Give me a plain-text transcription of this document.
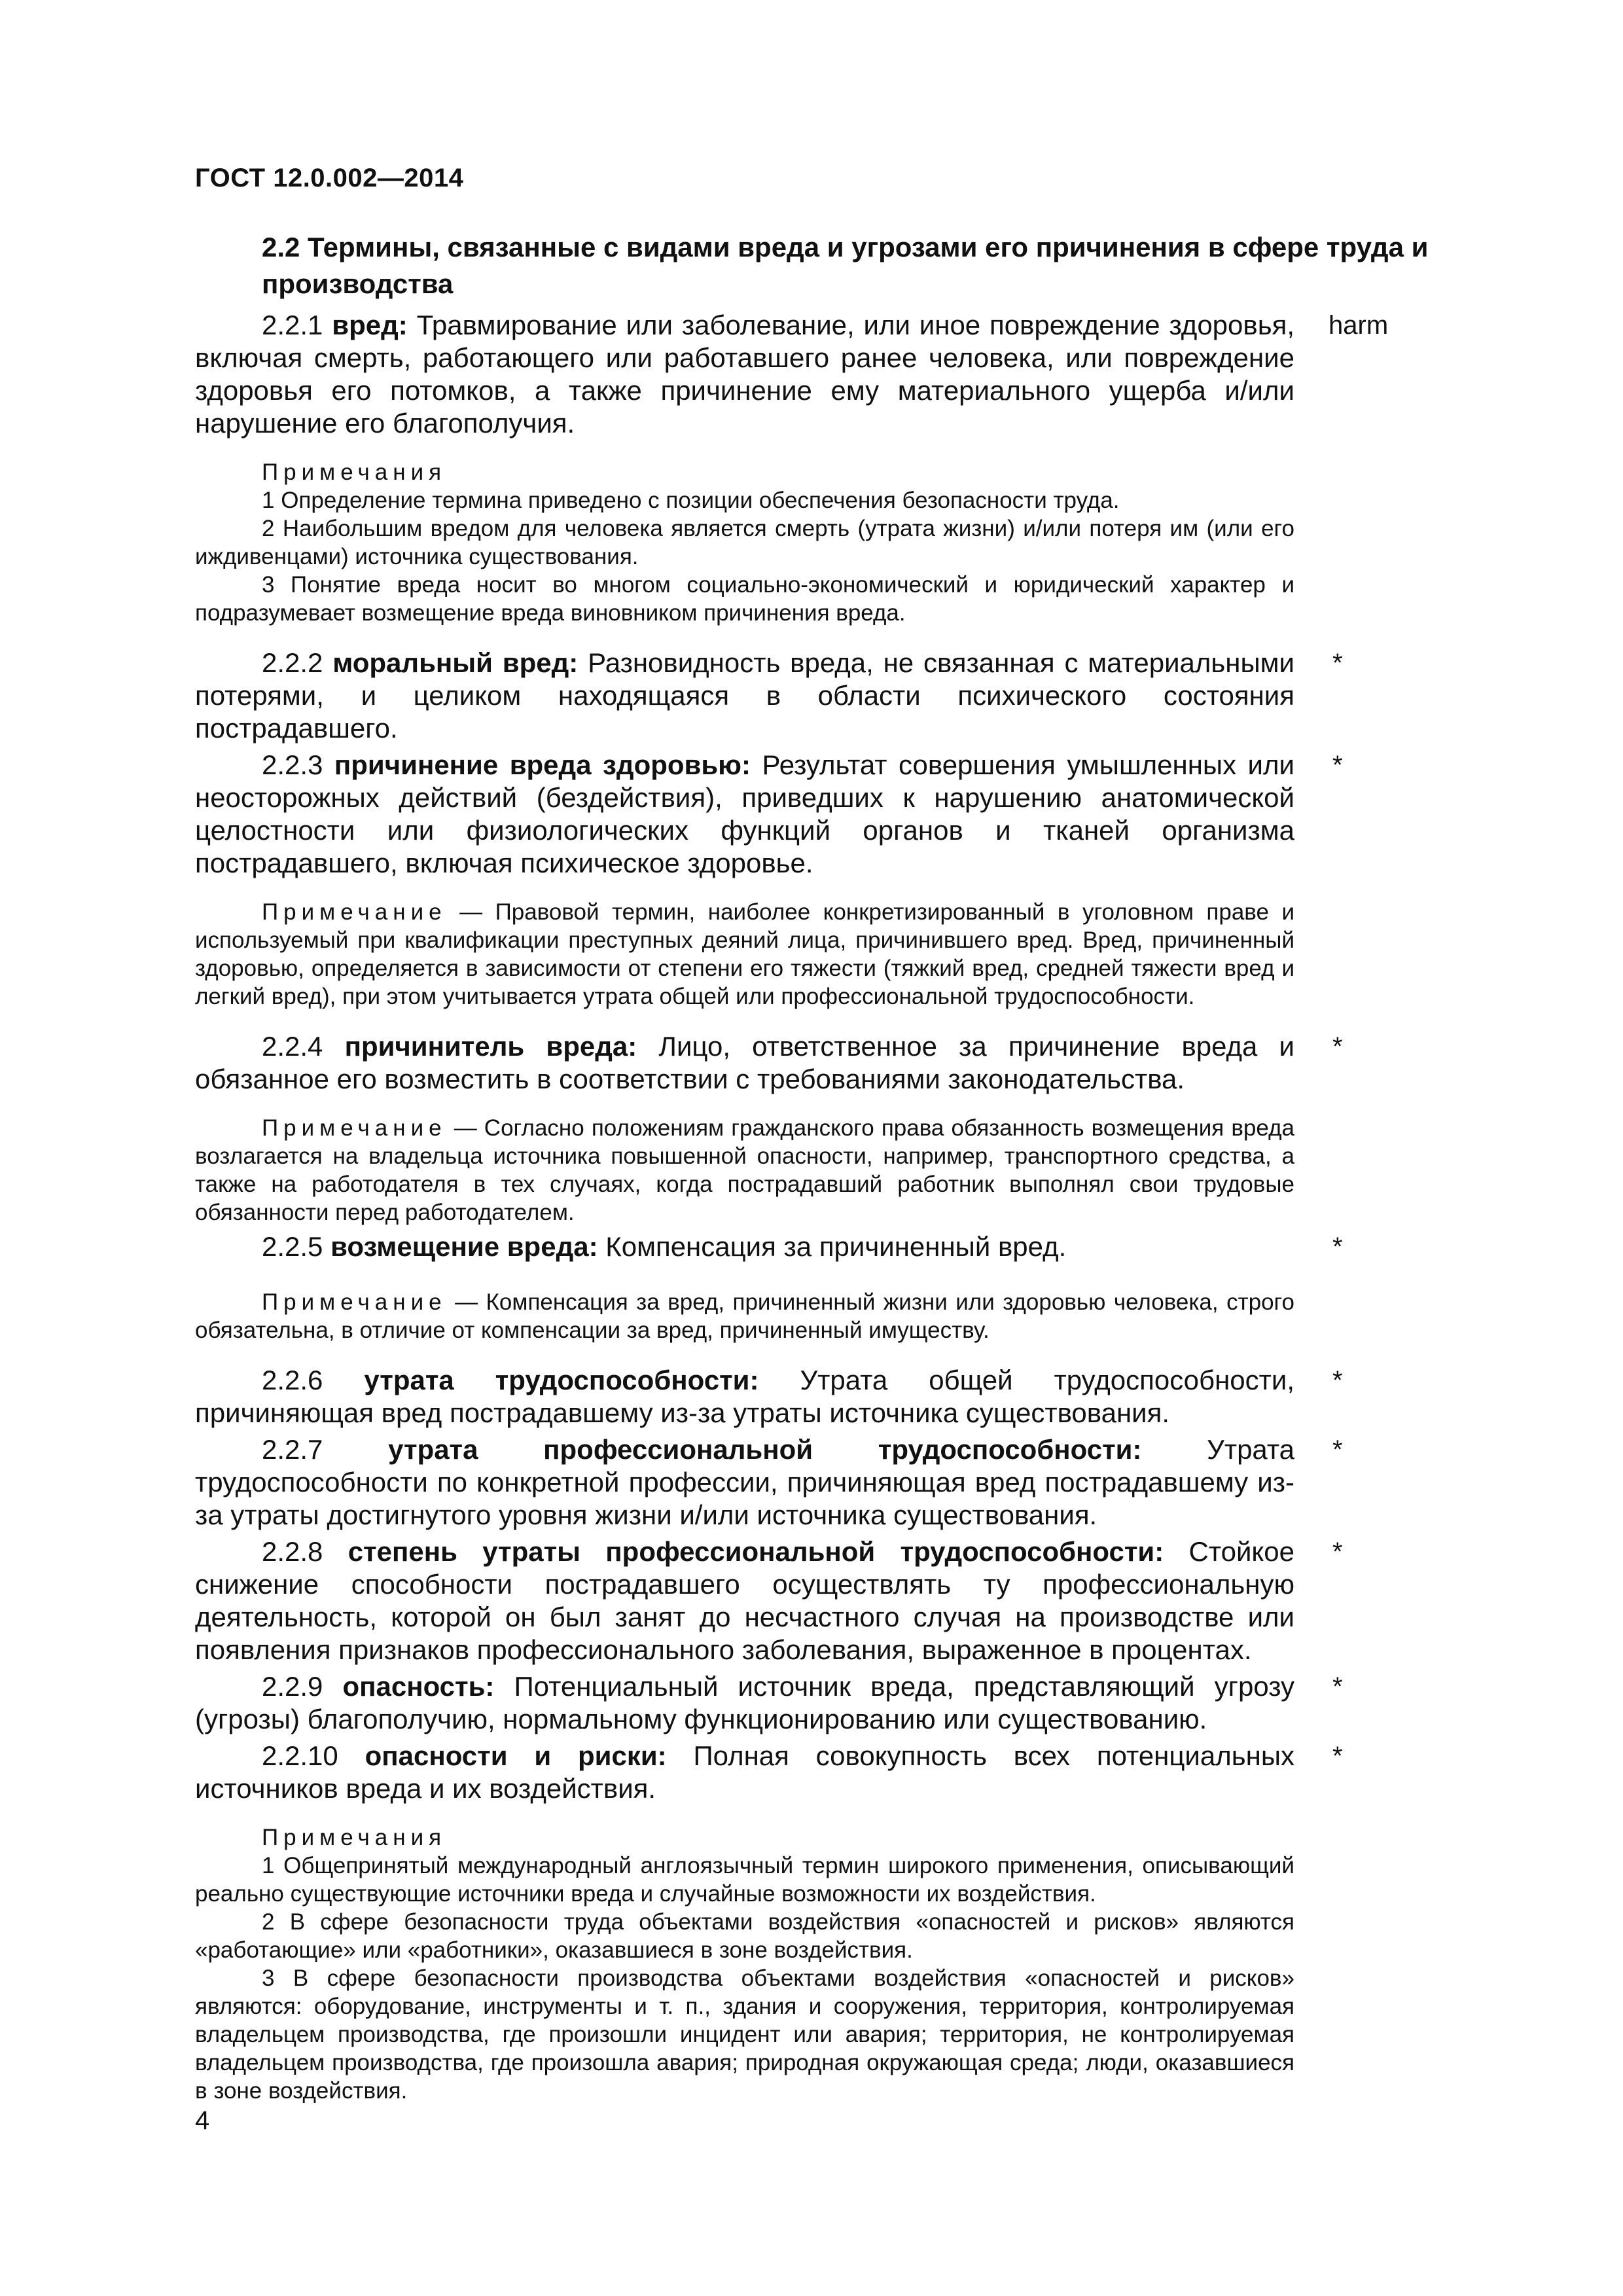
ГОСТ 12.0.002—2014
2.2 Термины, связанные с видами вреда и угрозами его причинения в сфере труда и производства
2.2.1 вред: Травмирование или заболевание, или иное повреждение здоровья, включая смерть, работающего или работавшего ранее человека, или повреждение здоровья его потомков, а также причинение ему материального ущерба и/или нарушение его благополучия.
harm
Примечания
1 Определение термина приведено с позиции обеспечения безопасности труда.
2 Наибольшим вредом для человека является смерть (утрата жизни) и/или потеря им (или его иждивенцами) источника существования.
3 Понятие вреда носит во многом социально-экономический и юридический характер и подразумевает возмещение вреда виновником причинения вреда.
2.2.2 моральный вред: Разновидность вреда, не связанная с материальными потерями, и целиком находящаяся в области психического состояния пострадавшего.
*
2.2.3 причинение вреда здоровью: Результат совершения умышленных или неосторожных действий (бездействия), приведших к нарушению анатомической целостности или физиологических функций органов и тканей организма пострадавшего, включая психическое здоровье.
*
Примечание — Правовой термин, наиболее конкретизированный в уголовном праве и используемый при квалификации преступных деяний лица, причинившего вред. Вред, причиненный здоровью, определяется в зависимости от степени его тяжести (тяжкий вред, средней тяжести вред и легкий вред), при этом учитывается утрата общей или профессиональной трудоспособности.
2.2.4 причинитель вреда: Лицо, ответственное за причинение вреда и обязанное его возместить в соответствии с требованиями законодательства.
*
Примечание — Согласно положениям гражданского права обязанность возмещения вреда возлагается на владельца источника повышенной опасности, например, транспортного средства, а также на работодателя в тех случаях, когда пострадавший работник выполнял свои трудовые обязанности перед работодателем.
2.2.5 возмещение вреда: Компенсация за причиненный вред.	*
Примечание — Компенсация за вред, причиненный жизни или здоровью человека, строго обязательна, в отличие от компенсации за вред, причиненный имуществу.
2.2.6 утрата трудоспособности: Утрата общей трудоспособности, причиняющая вред пострадавшему из-за утраты источника существования.
*
2.2.7 утрата профессиональной трудоспособности: Утрата трудоспособности по конкретной профессии, причиняющая вред пострадавшему из-за утраты достигнутого уровня жизни и/или источника существования.
*
2.2.8 степень утраты профессиональной трудоспособности: Стойкое снижение способности пострадавшего осуществлять ту профессиональную деятельность, которой он был занят до несчастного случая на производстве или появления признаков профессионального заболевания, выраженное в процентах.
*
2.2.9 опасность: Потенциальный источник вреда, представляющий угрозу (угрозы) благополучию, нормальному функционированию или существованию.
*
2.2.10 опасности и риски: Полная совокупность всех потенциальных источников вреда и их воздействия.
*
Примечания
1 Общепринятый международный англоязычный термин широкого применения, описывающий реально существующие источники вреда и случайные возможности их воздействия.
2 В сфере безопасности труда объектами воздействия «опасностей и рисков» являются «работающие» или «работники», оказавшиеся в зоне воздействия.
3 В сфере безопасности производства объектами воздействия «опасностей и рисков» являются: оборудование, инструменты и т. п., здания и сооружения, территория, контролируемая владельцем производства, где произошли инцидент или авария; территория, не контролируемая владельцем производства, где произошла авария; природная окружающая среда; люди, оказавшиеся в зоне воздействия.
4
